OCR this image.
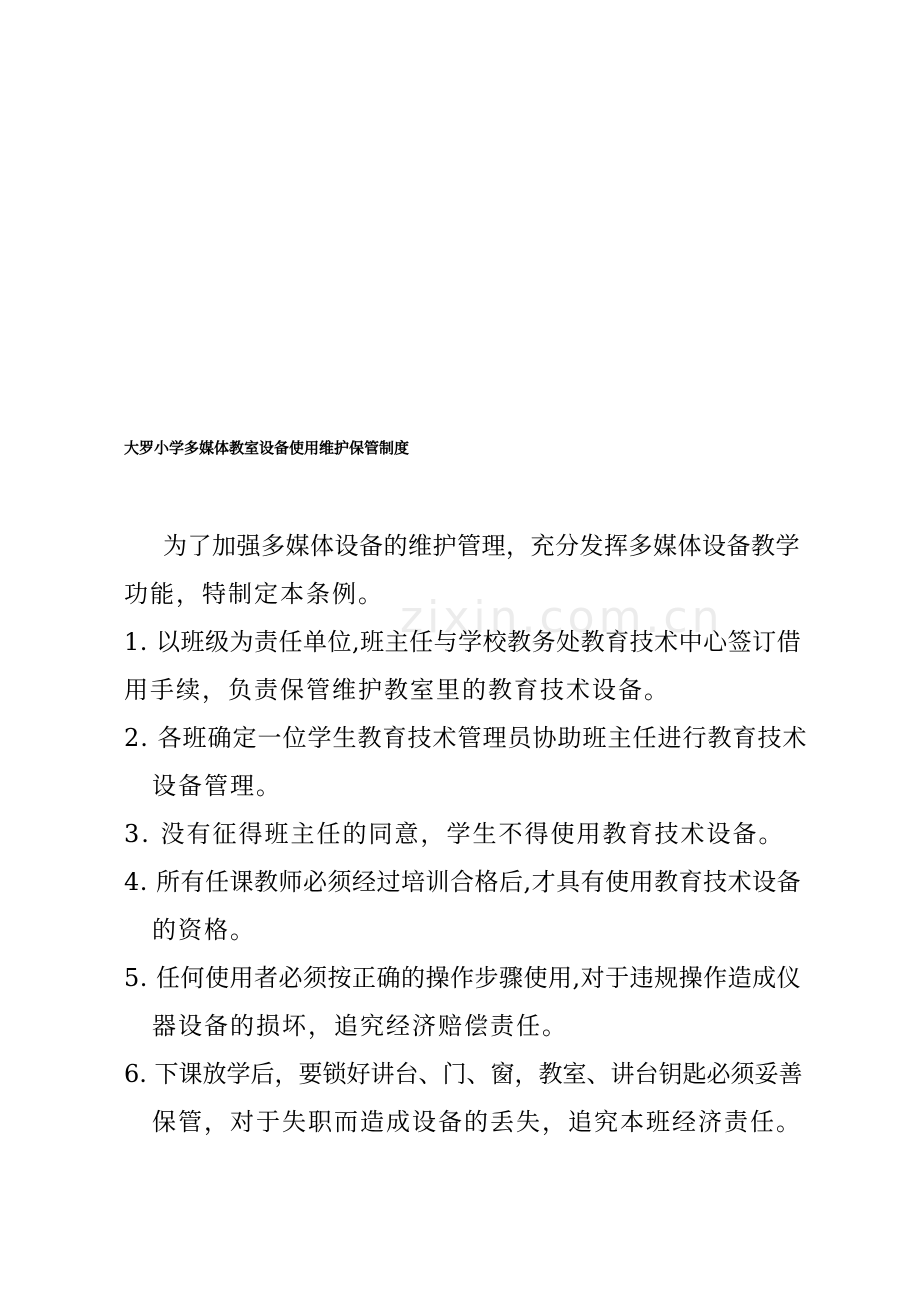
zixin.com.cn
大罗小学多媒体教室设备使用维护保管制度
为了加强多媒体设备的维护管理，充分发挥多媒体设备教学
功能，特制定本条例。
1. 以班级为责任单位,班主任与学校教务处教育技术中心签订借
用手续，负责保管维护教室里的教育技术设备。
2. 各班确定一位学生教育技术管理员协助班主任进行教育技术
设备管理。
3. 没有征得班主任的同意，学生不得使用教育技术设备。
4. 所有任课教师必须经过培训合格后,才具有使用教育技术设备
的资格。
5. 任何使用者必须按正确的操作步骤使用,对于违规操作造成仪
器设备的损坏，追究经济赔偿责任。
6. 下课放学后，要锁好讲台、门、窗，教室、讲台钥匙必须妥善
保管，对于失职而造成设备的丢失，追究本班经济责任。
